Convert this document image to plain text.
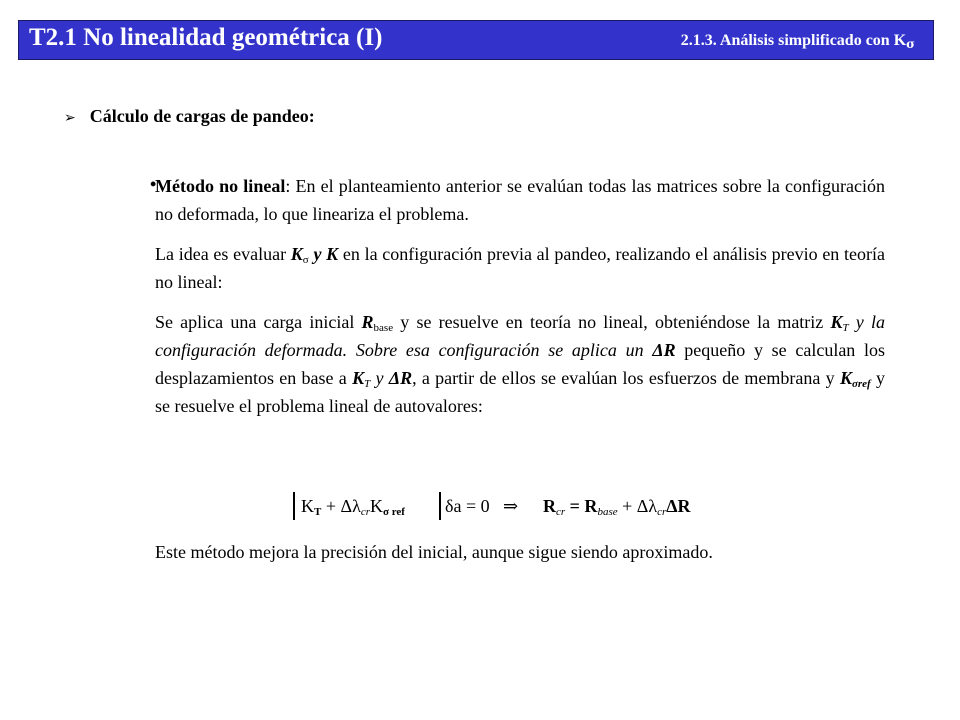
T2.1 No linealidad geométrica (I)	2.1.3. Análisis simplificado con $K_\sigma$
➢ Cálculo de cargas de pandeo:
•
Método no lineal: En el planteamiento anterior se evalúan todas las matrices sobre la configuración no deformada, lo que lineariza el problema.
La idea es evaluar $K_\sigma$ y K en la configuración previa al pandeo, realizando el análisis previo en teoría no lineal:
Se aplica una carga inicial $R_{base}$ y se resuelve en teoría no lineal, obteniéndose la matriz $K_T$ y la configuración deformada. Sobre esa configuración se aplica un ΔR pequeño y se calculan los desplazamientos en base a $K_T$ y ΔR, a partir de ellos se evalúan los esfuerzos de membrana y $K_{\sigma ref}$ y se resuelve el problema lineal de autovalores:
$K_T + \Delta\lambda_{cr}K_{\sigma ref}$ δa = 0 ⇒ $R_{cr} = R_{base} + \Delta\lambda_{cr}\Delta R$
Este método mejora la precisión del inicial, aunque sigue siendo aproximado.
